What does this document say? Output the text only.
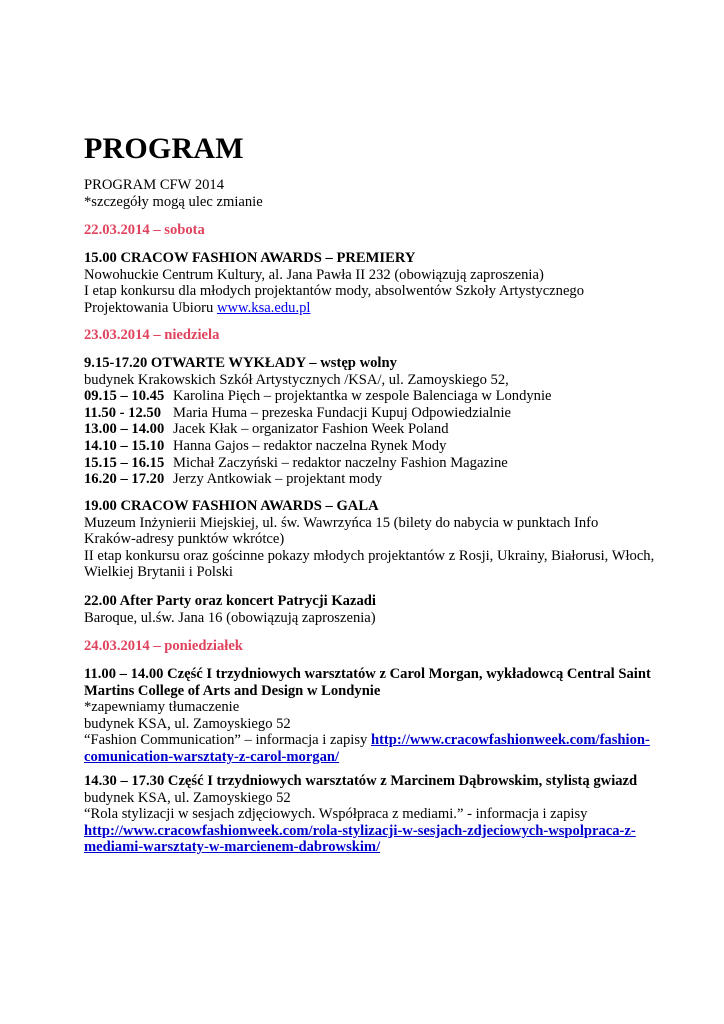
PROGRAM
PROGRAM CFW 2014
*szczegóły mogą ulec zmianie
22.03.2014 – sobota
15.00 CRACOW FASHION AWARDS – PREMIERY
Nowohuckie Centrum Kultury, al. Jana Pawła II 232 (obowiązują zaproszenia)
I etap konkursu dla młodych projektantów mody, absolwentów Szkoły Artystycznego
Projektowania Ubioru www.ksa.edu.pl
23.03.2014 – niedziela
9.15-17.20 OTWARTE WYKŁADY – wstęp wolny
budynek Krakowskich Szkół Artystycznych /KSA/, ul. Zamoyskiego 52,
09.15 – 10.45 Karolina Pięch – projektantka w zespole Balenciaga w Londynie
11.50 - 12.50 Maria Huma – prezeska Fundacji Kupuj Odpowiedzialnie
13.00 – 14.00 Jacek Kłak – organizator Fashion Week Poland
14.10 – 15.10 Hanna Gajos – redaktor naczelna Rynek Mody
15.15 – 16.15 Michał Zaczyński – redaktor naczelny Fashion Magazine
16.20 – 17.20 Jerzy Antkowiak – projektant mody
19.00 CRACOW FASHION AWARDS – GALA
Muzeum Inżynierii Miejskiej, ul. św. Wawrzyńca 15 (bilety do nabycia w punktach Info
Kraków-adresy punktów wkrótce)
II etap konkursu oraz gościnne pokazy młodych projektantów z Rosji, Ukrainy, Białorusi, Włoch,
Wielkiej Brytanii i Polski
22.00 After Party oraz koncert Patrycji Kazadi
Baroque, ul.św. Jana 16 (obowiązują zaproszenia)
24.03.2014 – poniedziałek
11.00 – 14.00 Część I trzydniowych warsztatów z Carol Morgan, wykładowcą Central Saint
Martins College of Arts and Design w Londynie
*zapewniamy tłumaczenie
budynek KSA, ul. Zamoyskiego 52
“Fashion Communication” – informacja i zapisy http://www.cracowfashionweek.com/fashion-
comunication-warsztaty-z-carol-morgan/
14.30 – 17.30 Część I trzydniowych warsztatów z Marcinem Dąbrowskim, stylistą gwiazd
budynek KSA, ul. Zamoyskiego 52
“Rola stylizacji w sesjach zdjęciowych. Współpraca z mediami.” - informacja i zapisy
http://www.cracowfashionweek.com/rola-stylizacji-w-sesjach-zdjeciowych-wspolpraca-z-
mediami-warsztaty-w-marcienem-dabrowskim/
